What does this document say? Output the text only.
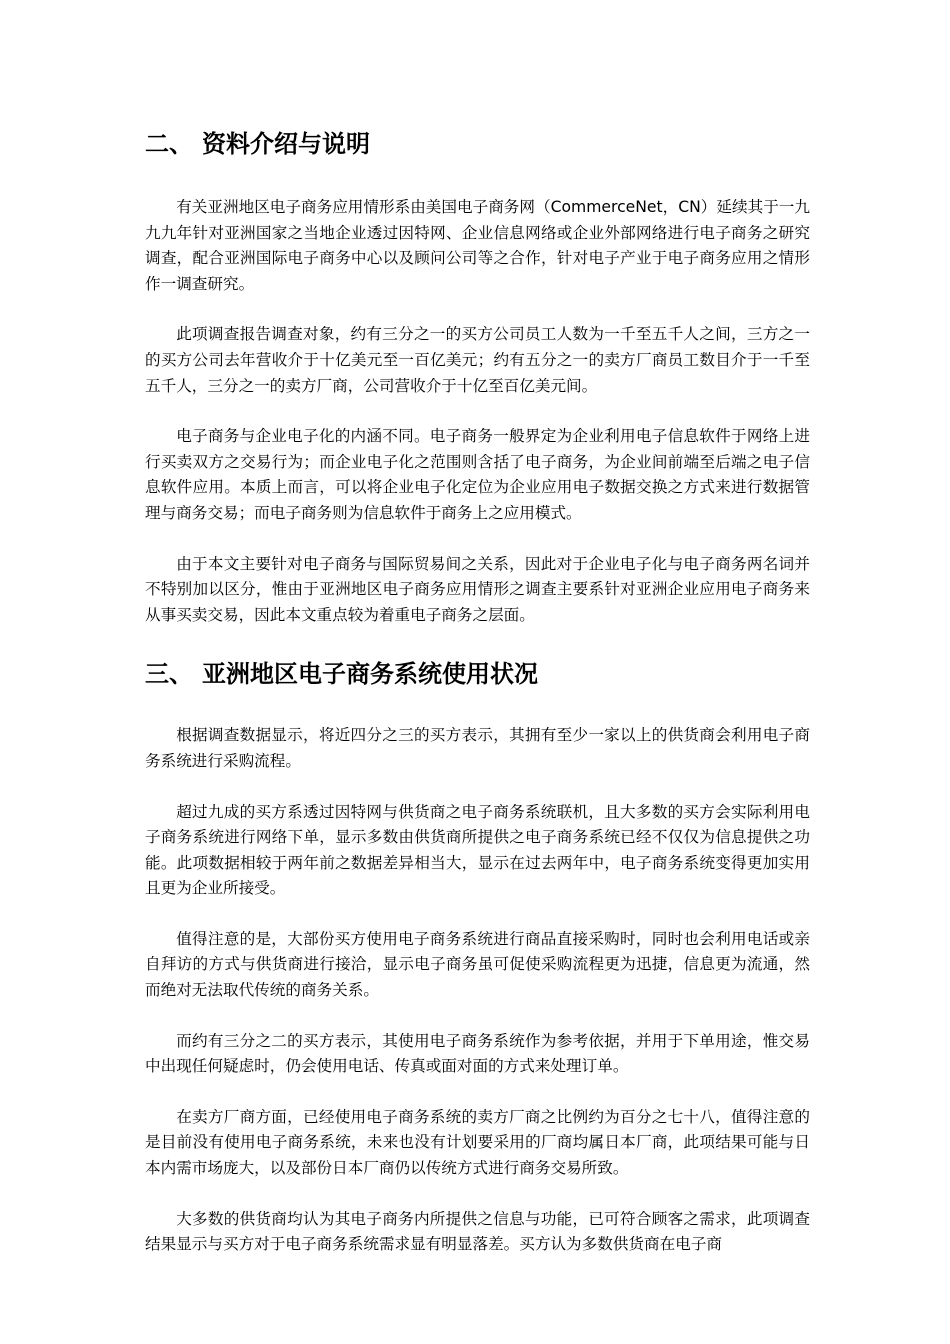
二、 资料介绍与说明

有关亚洲地区电子商务应用情形系由美国电子商务网（CommerceNet，CN）延续其于一九九九年针对亚洲国家之当地企业透过因特网、企业信息网络或企业外部网络进行电子商务之研究调查，配合亚洲国际电子商务中心以及顾问公司等之合作，针对电子产业于电子商务应用之情形作一调查研究。

此项调查报告调查对象，约有三分之一的买方公司员工人数为一千至五千人之间，三方之一的买方公司去年营收介于十亿美元至一百亿美元；约有五分之一的卖方厂商员工数目介于一千至五千人，三分之一的卖方厂商，公司营收介于十亿至百亿美元间。

电子商务与企业电子化的内涵不同。电子商务一般界定为企业利用电子信息软件于网络上进行买卖双方之交易行为；而企业电子化之范围则含括了电子商务，为企业间前端至后端之电子信息软件应用。本质上而言，可以将企业电子化定位为企业应用电子数据交换之方式来进行数据管理与商务交易；而电子商务则为信息软件于商务上之应用模式。

由于本文主要针对电子商务与国际贸易间之关系，因此对于企业电子化与电子商务两名词并不特别加以区分，惟由于亚洲地区电子商务应用情形之调查主要系针对亚洲企业应用电子商务来从事买卖交易，因此本文重点较为着重电子商务之层面。

三、 亚洲地区电子商务系统使用状况

根据调查数据显示，将近四分之三的买方表示，其拥有至少一家以上的供货商会利用电子商务系统进行采购流程。

超过九成的买方系透过因特网与供货商之电子商务系统联机，且大多数的买方会实际利用电子商务系统进行网络下单，显示多数由供货商所提供之电子商务系统已经不仅仅为信息提供之功能。此项数据相较于两年前之数据差异相当大，显示在过去两年中，电子商务系统变得更加实用且更为企业所接受。

值得注意的是，大部份买方使用电子商务系统进行商品直接采购时，同时也会利用电话或亲自拜访的方式与供货商进行接洽，显示电子商务虽可促使采购流程更为迅捷，信息更为流通，然而绝对无法取代传统的商务关系。

而约有三分之二的买方表示，其使用电子商务系统作为参考依据，并用于下单用途，惟交易中出现任何疑虑时，仍会使用电话、传真或面对面的方式来处理订单。

在卖方厂商方面，已经使用电子商务系统的卖方厂商之比例约为百分之七十八，值得注意的是目前没有使用电子商务系统，未来也没有计划要采用的厂商均属日本厂商，此项结果可能与日本内需市场庞大，以及部份日本厂商仍以传统方式进行商务交易所致。

大多数的供货商均认为其电子商务内所提供之信息与功能，已可符合顾客之需求，此项调查结果显示与买方对于电子商务系统需求显有明显落差。买方认为多数供货商在电子商
